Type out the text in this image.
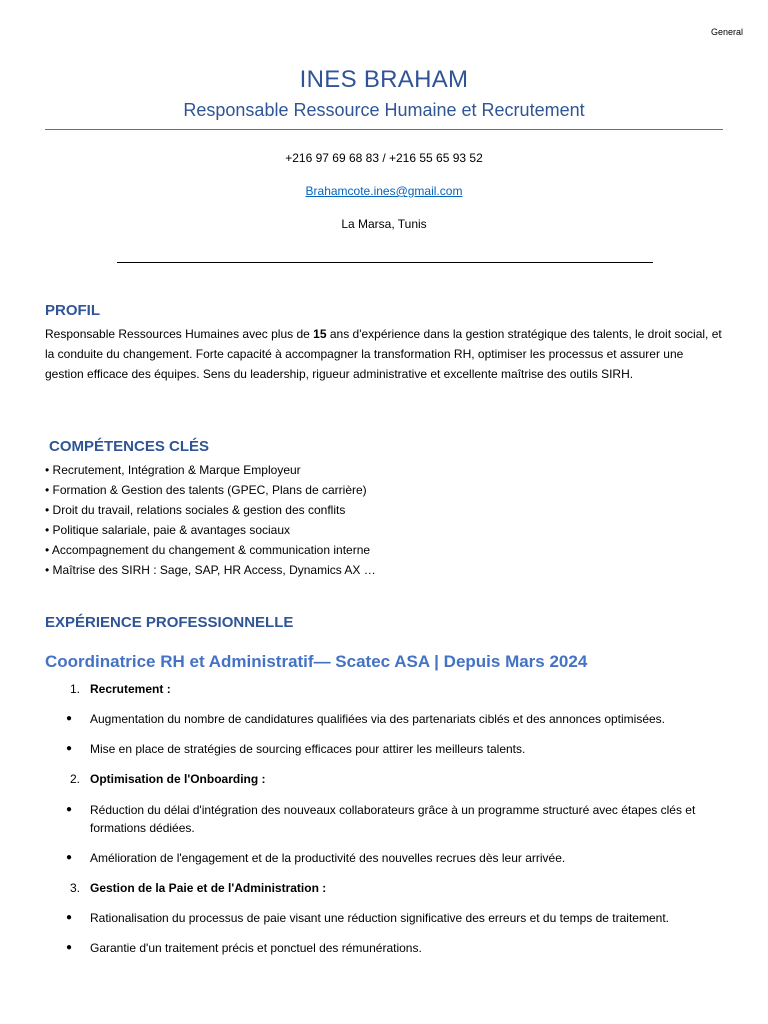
General
INES BRAHAM
Responsable Ressource Humaine et Recrutement
+216 97 69 68 83 / +216 55 65 93 52
Brahamcote.ines@gmail.com
La Marsa, Tunis
PROFIL
Responsable Ressources Humaines avec plus de 15 ans d'expérience dans la gestion stratégique des talents, le droit social, et la conduite du changement. Forte capacité à accompagner la transformation RH, optimiser les processus et assurer une gestion efficace des équipes. Sens du leadership, rigueur administrative et excellente maîtrise des outils SIRH.
COMPÉTENCES CLÉS
• Recrutement, Intégration & Marque Employeur
• Formation & Gestion des talents (GPEC, Plans de carrière)
• Droit du travail, relations sociales & gestion des conflits
• Politique salariale, paie & avantages sociaux
• Accompagnement du changement & communication interne
• Maîtrise des SIRH : Sage, SAP, HR Access, Dynamics AX …
EXPÉRIENCE PROFESSIONNELLE
Coordinatrice RH et Administratif— Scatec ASA | Depuis Mars 2024
1. Recrutement :
● Augmentation du nombre de candidatures qualifiées via des partenariats ciblés et des annonces optimisées.
● Mise en place de stratégies de sourcing efficaces pour attirer les meilleurs talents.
2. Optimisation de l'Onboarding :
● Réduction du délai d'intégration des nouveaux collaborateurs grâce à un programme structuré avec étapes clés et formations dédiées.
● Amélioration de l'engagement et de la productivité des nouvelles recrues dès leur arrivée.
3. Gestion de la Paie et de l'Administration :
● Rationalisation du processus de paie visant une réduction significative des erreurs et du temps de traitement.
● Garantie d'un traitement précis et ponctuel des rémunérations.
